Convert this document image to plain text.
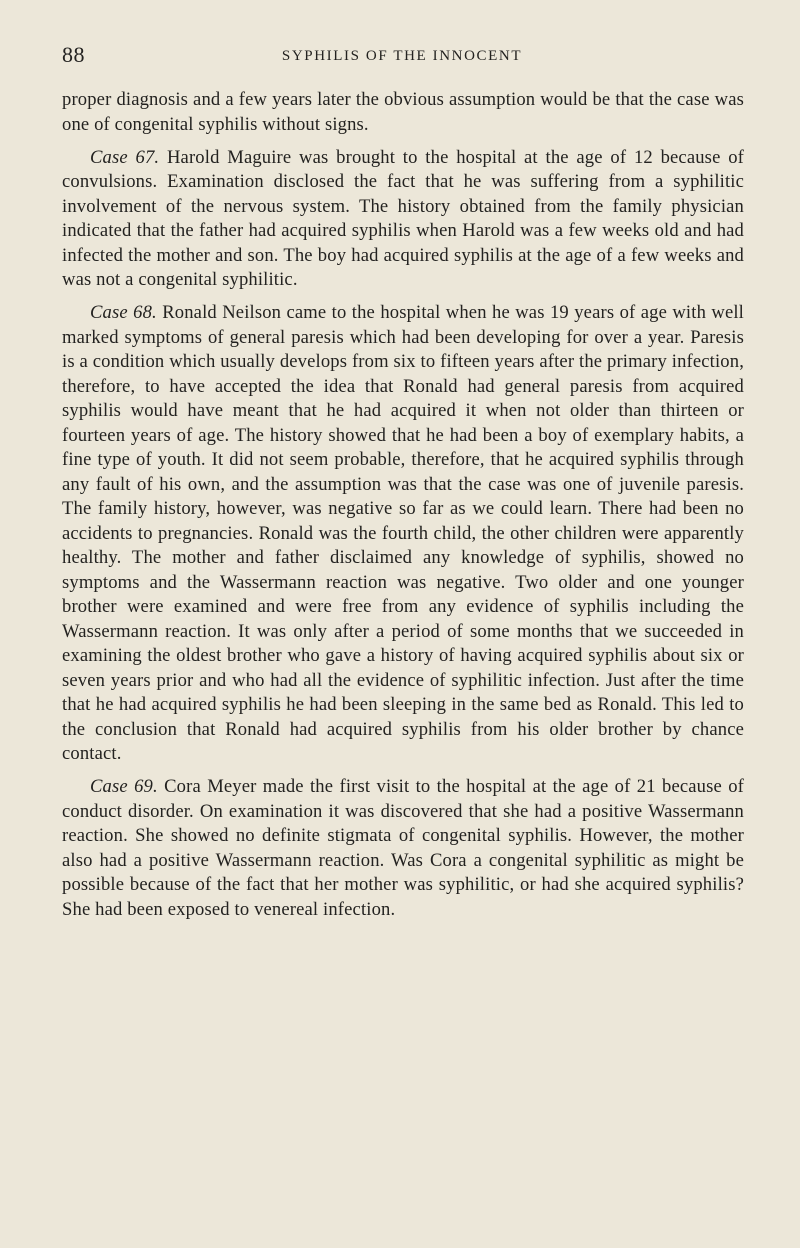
88	SYPHILIS OF THE INNOCENT

proper diagnosis and a few years later the obvious assumption would be that the case was one of congenital syphilis without signs.

Case 67. Harold Maguire was brought to the hospital at the age of 12 because of convulsions. Examination disclosed the fact that he was suffering from a syphilitic involvement of the nervous system. The history obtained from the family physician indicated that the father had acquired syphilis when Harold was a few weeks old and had infected the mother and son. The boy had acquired syphilis at the age of a few weeks and was not a congenital syphilitic.

Case 68. Ronald Neilson came to the hospital when he was 19 years of age with well marked symptoms of general paresis which had been developing for over a year. Paresis is a condition which usually develops from six to fifteen years after the primary infection, therefore, to have accepted the idea that Ronald had general paresis from acquired syphilis would have meant that he had acquired it when not older than thirteen or fourteen years of age. The history showed that he had been a boy of exemplary habits, a fine type of youth. It did not seem probable, therefore, that he acquired syphilis through any fault of his own, and the assumption was that the case was one of juvenile paresis. The family history, however, was negative so far as we could learn. There had been no accidents to pregnancies. Ronald was the fourth child, the other children were apparently healthy. The mother and father disclaimed any knowledge of syphilis, showed no symptoms and the Wassermann reaction was negative. Two older and one younger brother were examined and were free from any evidence of syphilis including the Wassermann reaction. It was only after a period of some months that we succeeded in examining the oldest brother who gave a history of having acquired syphilis about six or seven years prior and who had all the evidence of syphilitic infection. Just after the time that he had acquired syphilis he had been sleeping in the same bed as Ronald. This led to the conclusion that Ronald had acquired syphilis from his older brother by chance contact.

Case 69. Cora Meyer made the first visit to the hospital at the age of 21 because of conduct disorder. On examination it was discovered that she had a positive Wassermann reaction. She showed no definite stigmata of congenital syphilis. However, the mother also had a positive Wassermann reaction. Was Cora a congenital syphilitic as might be possible because of the fact that her mother was syphilitic, or had she acquired syphilis? She had been exposed to venereal infection.
